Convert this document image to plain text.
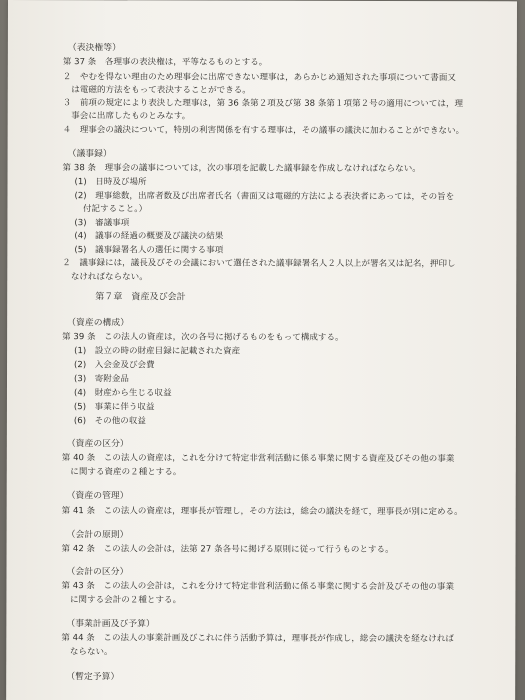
（表決権等）
第 37 条　各理事の表決権は，平等なるものとする。
２　やむを得ない理由のため理事会に出席できない理事は，あらかじめ通知された事項について書面又
　は電磁的方法をもって表決することができる。
３　前項の規定により表決した理事は，第 36 条第２項及び第 38 条第１項第２号の適用については，理
　事会に出席したものとみなす。
４　理事会の議決について，特別の利害関係を有する理事は，その議事の議決に加わることができない。
（議事録）
第 38 条　理事会の議事については，次の事項を記載した議事録を作成しなければならない。
(1)　日時及び場所
(2)　理事総数，出席者数及び出席者氏名（書面又は電磁的方法による表決者にあっては，その旨を
　付記すること。）
(3)　審議事項
(4)　議事の経過の概要及び議決の結果
(5)　議事録署名人の選任に関する事項
２　議事録には，議長及びその会議において選任された議事録署名人２人以上が署名又は記名，押印し
　なければならない。
第７章　資産及び会計
（資産の構成）
第 39 条　この法人の資産は，次の各号に掲げるものをもって構成する。
(1)　設立の時の財産目録に記載された資産
(2)　入会金及び会費
(3)　寄附金品
(4)　財産から生じる収益
(5)　事業に伴う収益
(6)　その他の収益
（資産の区分）
第 40 条　この法人の資産は，これを分けて特定非営利活動に係る事業に関する資産及びその他の事業
　に関する資産の２種とする。
（資産の管理）
第 41 条　この法人の資産は，理事長が管理し，その方法は，総会の議決を経て，理事長が別に定める。
（会計の原則）
第 42 条　この法人の会計は，法第 27 条各号に掲げる原則に従って行うものとする。
（会計の区分）
第 43 条　この法人の会計は，これを分けて特定非営利活動に係る事業に関する会計及びその他の事業
　に関する会計の２種とする。
（事業計画及び予算）
第 44 条　この法人の事業計画及びこれに伴う活動予算は，理事長が作成し，総会の議決を経なければ
　ならない。
（暫定予算）
